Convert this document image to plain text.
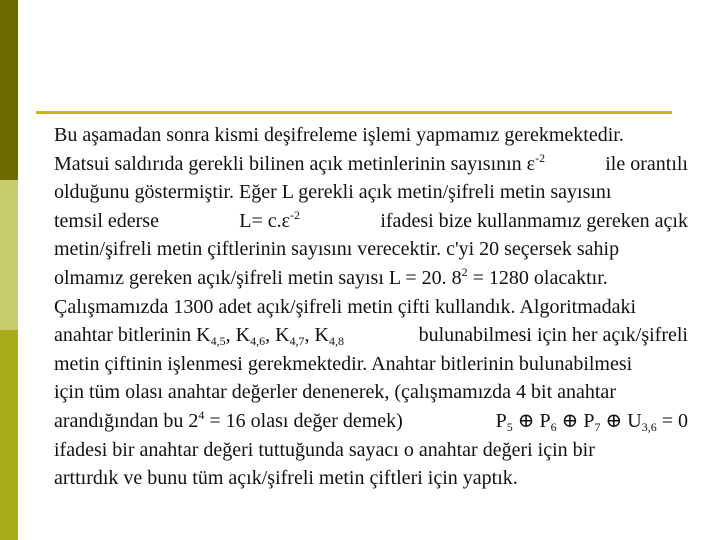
Bu aşamadan sonra kismi deşifreleme işlemi yapmamız gerekmektedir.
Matsui saldırıda gerekli bilinen açık metinlerinin sayısının $\varepsilon^{-2}$	ile orantılı
olduğunu göstermiştir. Eğer L gerekli açık metin/şifreli metin sayısını
temsil ederse	$L= c.\varepsilon^{-2}$	ifadesi bize kullanmamız gereken açık
metin/şifreli metin çiftlerinin sayısını verecektir. c'yi 20 seçersek sahip
olmamız gereken açık/şifreli metin sayısı L = 20. $8^2 = 1280$ olacaktır.
Çalışmamızda 1300 adet açık/şifreli metin çifti kullandık. Algoritmadaki
anahtar bitlerinin $K_{4,5}$, $K_{4,6}$, $K_{4,7}$, $K_{4,8}$	bulunabilmesi için her açık/şifreli
metin çiftinin işlenmesi gerekmektedir. Anahtar bitlerinin bulunabilmesi
için tüm olası anahtar değerler denenerek, (çalışmamızda 4 bit anahtar
arandığından bu $2^4 = 16$ olası değer demek)	$P_5$ ⊕ $P_6$ ⊕ $P_7$ ⊕ $U_{3,6} = 0$
ifadesi bir anahtar değeri tuttuğunda sayacı o anahtar değeri için bir
arttırdık ve bunu tüm açık/şifreli metin çiftleri için yaptık.
